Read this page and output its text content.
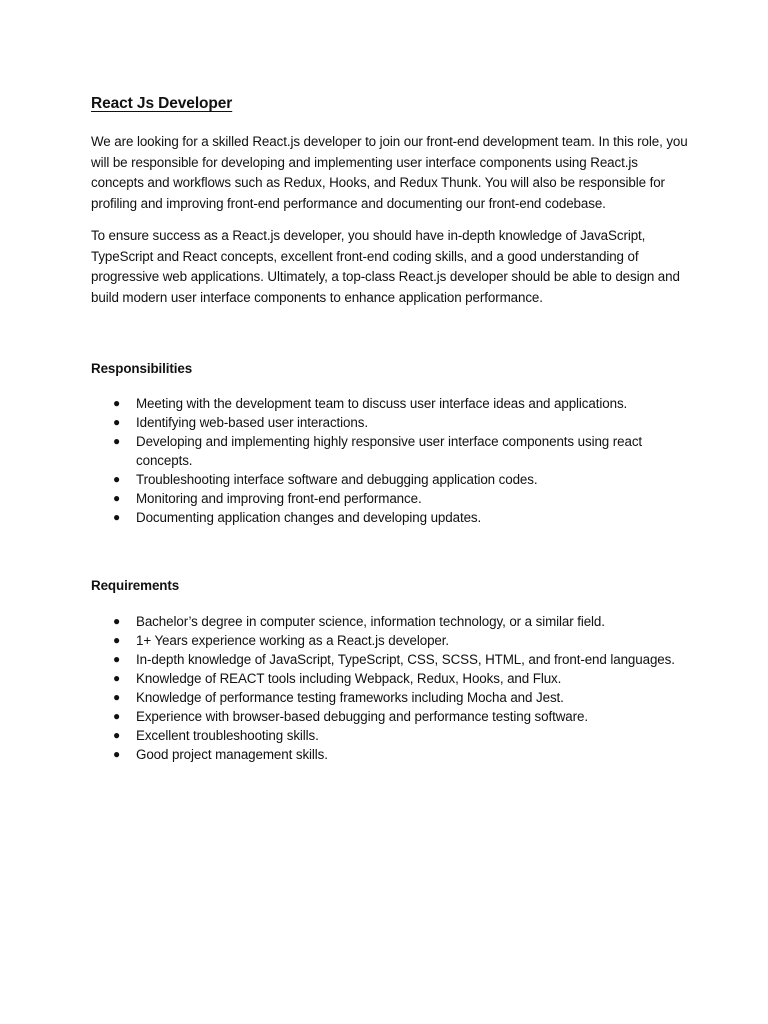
React Js Developer

We are looking for a skilled React.js developer to join our front-end development team. In this role, you will be responsible for developing and implementing user interface components using React.js concepts and workflows such as Redux, Hooks, and Redux Thunk. You will also be responsible for profiling and improving front-end performance and documenting our front-end codebase.

To ensure success as a React.js developer, you should have in-depth knowledge of JavaScript, TypeScript and React concepts, excellent front-end coding skills, and a good understanding of progressive web applications. Ultimately, a top-class React.js developer should be able to design and build modern user interface components to enhance application performance.

Responsibilities
● Meeting with the development team to discuss user interface ideas and applications.
● Identifying web-based user interactions.
● Developing and implementing highly responsive user interface components using react concepts.
● Troubleshooting interface software and debugging application codes.
● Monitoring and improving front-end performance.
● Documenting application changes and developing updates.
Requirements
● Bachelor’s degree in computer science, information technology, or a similar field.
● 1+ Years experience working as a React.js developer.
● In-depth knowledge of JavaScript, TypeScript, CSS, SCSS, HTML, and front-end languages.
● Knowledge of REACT tools including Webpack, Redux, Hooks, and Flux.
● Knowledge of performance testing frameworks including Mocha and Jest.
● Experience with browser-based debugging and performance testing software.
● Excellent troubleshooting skills.
● Good project management skills.
